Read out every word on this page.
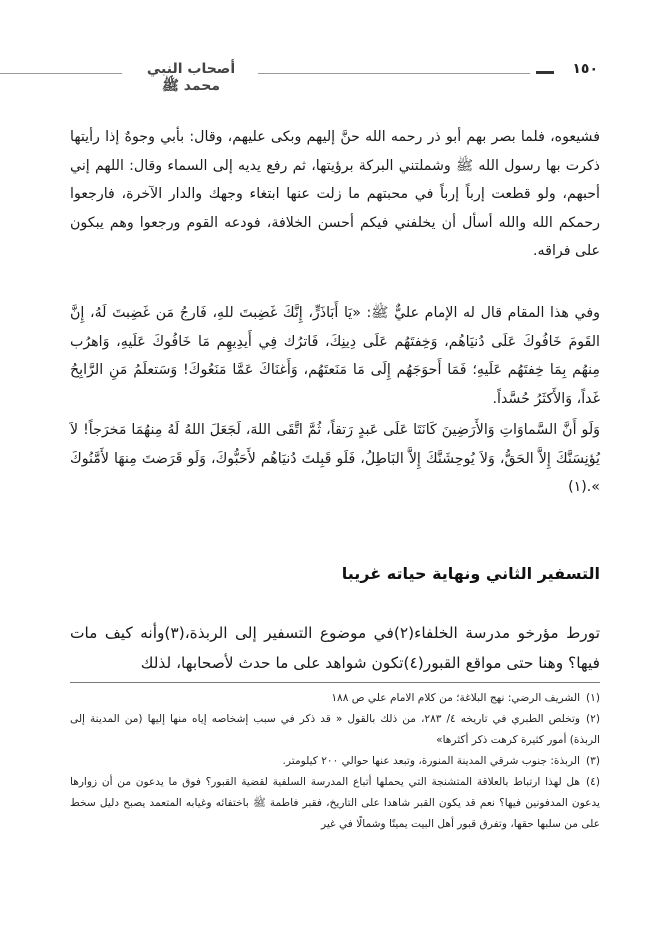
أصحاب النبي محمد ﷺ
١٥٠

فشيعوه، فلما بصر بهم أبو ذر رحمه الله حنَّ إليهم وبكى عليهم، وقال: بأبي وجوهٌ إذا رأيتها ذكرت بها رسول الله ﷺ وشملتني البركة برؤيتها، ثم رفع يديه إلى السماء وقال: اللهم إني أحبهم، ولو قطعت إرباً إرباً في محبتهم ما زلت عنها ابتغاء وجهك والدار الآخرة، فارجعوا رحمكم الله والله أسأل أن يخلفني فيكم أحسن الخلافة، فودعه القوم ورجعوا وهم يبكون على فراقه.

وفي هذا المقام قال له الإمام عليٌّ ﷺ: «يَا أَبَاذَرٍّ، إِنَّكَ غَضِبتَ للهِ، فَارجُ مَن غَضِبتَ لَهُ، إِنَّ القَومَ خَافُوكَ عَلَى دُنيَاهُم، وَخِفتَهُم عَلَى دِينِكَ، فَاترُك فِي أَيدِيهِم مَا خَافُوكَ عَلَيهِ، وَاهرُب مِنهُم بِمَا خِفتَهُم عَلَيهِ؛ فَمَا أَحوَجَهُم إِلَى مَا مَنَعتَهُم، وَأَغنَاكَ عَمَّا مَنَعُوكَ! وَسَتعلَمُ مَنِ الرَّابِحُ غَداً، وَالأَكثَرُ حُسَّداً.

وَلَو أَنَّ السَّماوَاتِ وَالأَرَضِينَ كَانَتَا عَلَى عَبدٍ رَتقاً، ثُمَّ اتَّقَى اللهَ، لَجَعَلَ اللهُ لَهُ مِنهُمَا مَخرَجاً! لاَ يُؤنِسَنَّكَ إِلاَّ الحَقُّ، وَلاَ يُوحِشَنَّكَ إِلاَّ البَاطِلُ، فَلَو قَبِلتَ دُنيَاهُم لأَحَبُّوكَ، وَلَو قَرَضتَ مِنهَا لأَمَّنُوكَ ».(١)

التسفير الثاني ونهاية حياته غريبا

تورط مؤرخو مدرسة الخلفاء(٢)في موضوع التسفير إلى الربذة،(٣)وأنه كيف مات فيها؟ وهنا حتى مواقع القبور(٤)تكون شواهد على ما حدث لأصحابها، لذلك

(١)الشريف الرضي: نهج البلاغة؛ من كلام الامام علي ص ١٨٨
(٢)وتخلص الطبري في تاريخه ٤/ ٢٨٣، من ذلك بالقول « قد ذكر في سبب إشخاصه إياه منها إليها (من المدينة إلى الربذة) أمور كثيرة كرهت ذكر أكثرها»
(٣)الربذة: جنوب شرقي المدينة المنورة، وتبعد عنها حوالي ٢٠٠ كيلومتر.
(٤)هل لهذا ارتباط بالعلاقة المتشنجة التي يحملها أتباع المدرسة السلفية لقضية القبور؟ فوق ما يدعون من أن زوارها يدعون المدفونين فيها؟ نعم قد يكون القبر شاهدا على التاريخ، فقبر فاطمة ﷺ باختفائه وغيابه المتعمد يصبح دليل سخط على من سلبها حقها، وتفرق قبور أهل البيت يمينًا وشمالًا في غير
